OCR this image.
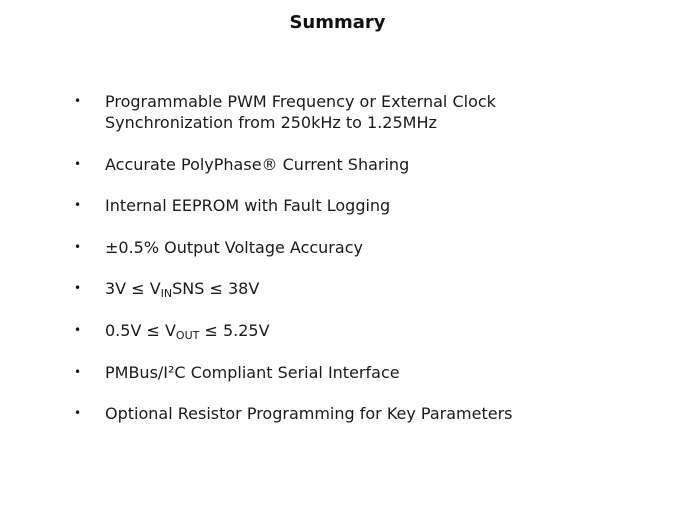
Summary
• Programmable PWM Frequency or External Clock
Synchronization from 250kHz to 1.25MHz
• Accurate PolyPhase® Current Sharing
• Internal EEPROM with Fault Logging
• ±0.5% Output Voltage Accuracy
• $3V \le V_{IN}SNS \le 38V$
• $0.5V \le V_{OUT} \le 5.25V$
• PMBus/I²C Compliant Serial Interface
• Optional Resistor Programming for Key Parameters
